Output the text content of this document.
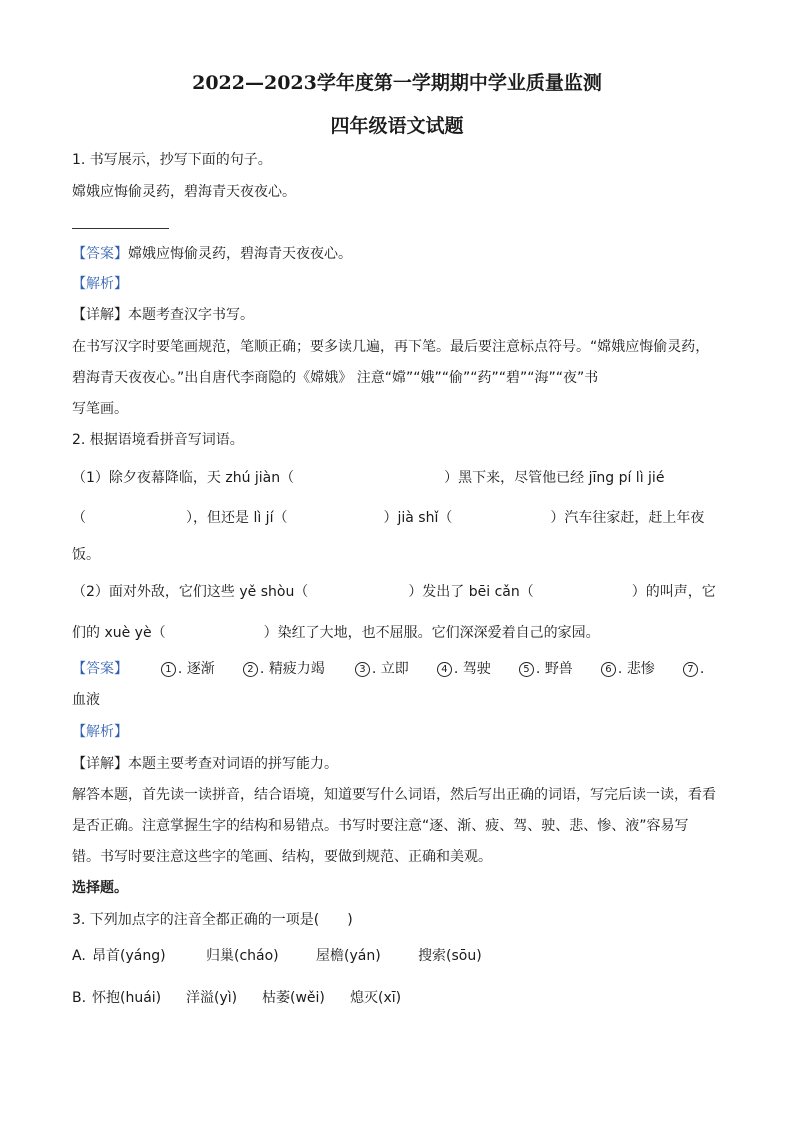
2022—2023学年度第一学期期中学业质量监测
四年级语文试题
1. 书写展示，抄写下面的句子。
嫦娥应悔偷灵药，碧海青天夜夜心。
【答案】嫦娥应悔偷灵药，碧海青天夜夜心。
【解析】
【详解】本题考查汉字书写。
在书写汉字时要笔画规范，笔顺正确；要多读几遍，再下笔。最后要注意标点符号。“嫦娥应悔偷灵药，
碧海青天夜夜心。”出自唐代李商隐的《嫦娥》 注意“嫦”“娥”“偷”“药”“碧”“海”“夜”书
写笔画。
2. 根据语境看拼音写词语。
（1）除夕夜幕降临，天 zhú jiàn（	）黑下来，尽管他已经 jīng pí lì jié
（	），但还是 lì jí（	）jià shǐ（	）汽车往家赶，赶上年夜
饭。
（2）面对外敌，它们这些 yě shòu（	）发出了 bēi cǎn（	）的叫声，它
们的 xuè yè（	）染红了大地，也不屈服。它们深深爱着自己的家园。
【答案】	1 . 逐渐	2 . 精疲力竭	3 . 立即	4 . 驾驶	5 . 野兽	6 . 悲惨	7 .
血液
【解析】
【详解】本题主要考查对词语的拼写能力。
解答本题，首先读一读拼音，结合语境，知道要写什么词语，然后写出正确的词语，写完后读一读，看看
是否正确。注意掌握生字的结构和易错点。书写时要注意“逐、渐、疲、驾、驶、悲、惨、液”容易写
错。书写时要注意这些字的笔画、结构，要做到规范、正确和美观。
选择题。
3. 下列加点字的注音全都正确的一项是(　　)
A. 昂首(yáng)	归巢(cháo)	屋檐(yán)	搜索(sōu)
B. 怀抱(huái) 洋溢(yì) 枯萎(wěi) 熄灭(xī)
